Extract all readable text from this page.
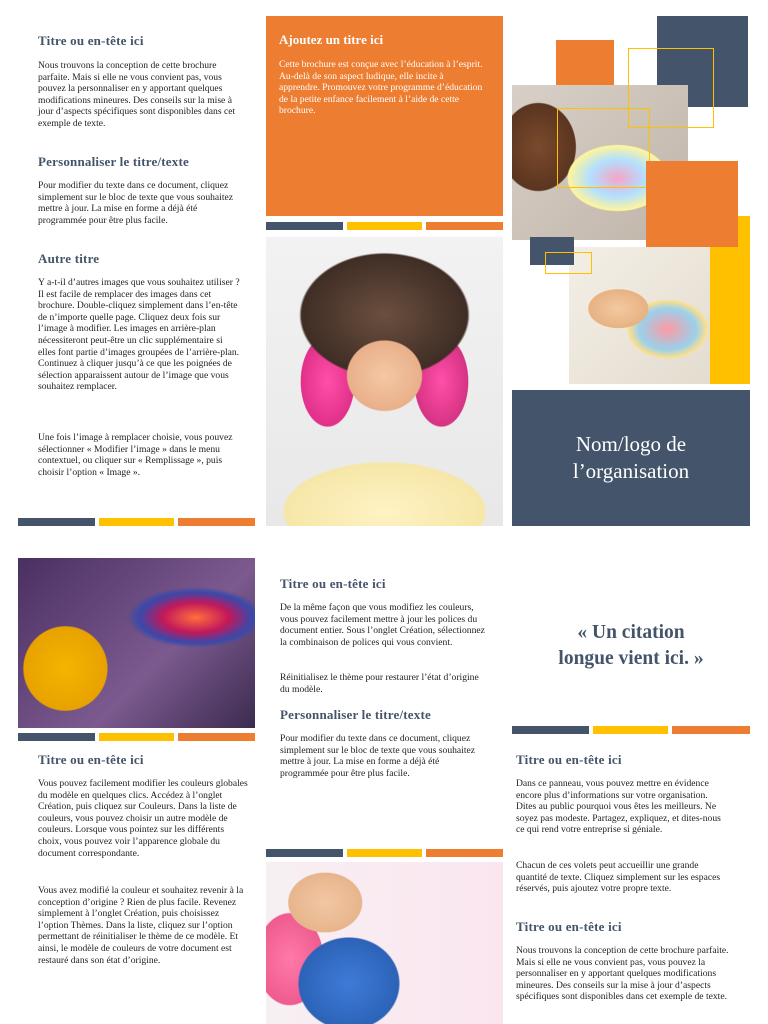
Titre ou en-tête ici

Nous trouvons la conception de cette brochure parfaite. Mais si elle ne vous convient pas, vous pouvez la personnaliser en y apportant quelques modifications mineures. Des conseils sur la mise à jour d’aspects spécifiques sont disponibles dans cet exemple de texte.

Personnaliser le titre/texte

Pour modifier du texte dans ce document, cliquez simplement sur le bloc de texte que vous souhaitez mettre à jour. La mise en forme a déjà été programmée pour être plus facile.

Autre titre

Y a-t-il d’autres images que vous souhaitez utiliser ? Il est facile de remplacer des images dans cet brochure. Double-cliquez simplement dans l’en-tête de n’importe quelle page. Cliquez deux fois sur l’image à modifier. Les images en arrière-plan nécessiteront peut-être un clic supplémentaire si elles font partie d’images groupées de l’arrière-plan. Continuez à cliquer jusqu’à ce que les poignées de sélection apparaissent autour de l’image que vous souhaitez remplacer.

Une fois l’image à remplacer choisie, vous pouvez sélectionner « Modifier l’image » dans le menu contextuel, ou cliquer sur « Remplissage », puis choisir l’option « Image ».

Ajoutez un titre ici

Cette brochure est conçue avec l’éducation à l’esprit. Au-delà de son aspect ludique, elle incite à apprendre. Promouvez votre programme d’éducation de la petite enfance facilement à l’aide de cette brochure.

Nom/logo de
l’organisation
Titre ou en-tête ici

Vous pouvez facilement modifier les couleurs globales du modèle en quelques clics. Accédez à l’onglet Création, puis cliquez sur Couleurs. Dans la liste de couleurs, vous pouvez choisir un autre modèle de couleurs. Lorsque vous pointez sur les différents choix, vous pouvez voir l’apparence globale du document correspondante.

Vous avez modifié la couleur et souhaitez revenir à la conception d’origine ? Rien de plus facile. Revenez simplement à l’onglet Création, puis choisissez l’option Thèmes. Dans la liste, cliquez sur l’option permettant de réinitialiser le thème de ce modèle. Et ainsi, le modèle de couleurs de votre document est restauré dans son état d’origine.

Titre ou en-tête ici

De la même façon que vous modifiez les couleurs, vous pouvez facilement mettre à jour les polices du document entier. Sous l’onglet Création, sélectionnez la combinaison de polices qui vous convient.

Réinitialisez le thème pour restaurer l’état d’origine du modèle.

Personnaliser le titre/texte

Pour modifier du texte dans ce document, cliquez simplement sur le bloc de texte que vous souhaitez mettre à jour. La mise en forme a déjà été programmée pour être plus facile.

« Un citation
longue vient ici. »
Titre ou en-tête ici

Dans ce panneau, vous pouvez mettre en évidence encore plus d’informations sur votre organisation. Dites au public pourquoi vous êtes les meilleurs. Ne soyez pas modeste. Partagez, expliquez, et dites-nous ce qui rend votre entreprise si géniale.

Chacun de ces volets peut accueillir une grande quantité de texte. Cliquez simplement sur les espaces réservés, puis ajoutez votre propre texte.

Titre ou en-tête ici

Nous trouvons la conception de cette brochure parfaite. Mais si elle ne vous convient pas, vous pouvez la personnaliser en y apportant quelques modifications mineures. Des conseils sur la mise à jour d’aspects spécifiques sont disponibles dans cet exemple de texte.
